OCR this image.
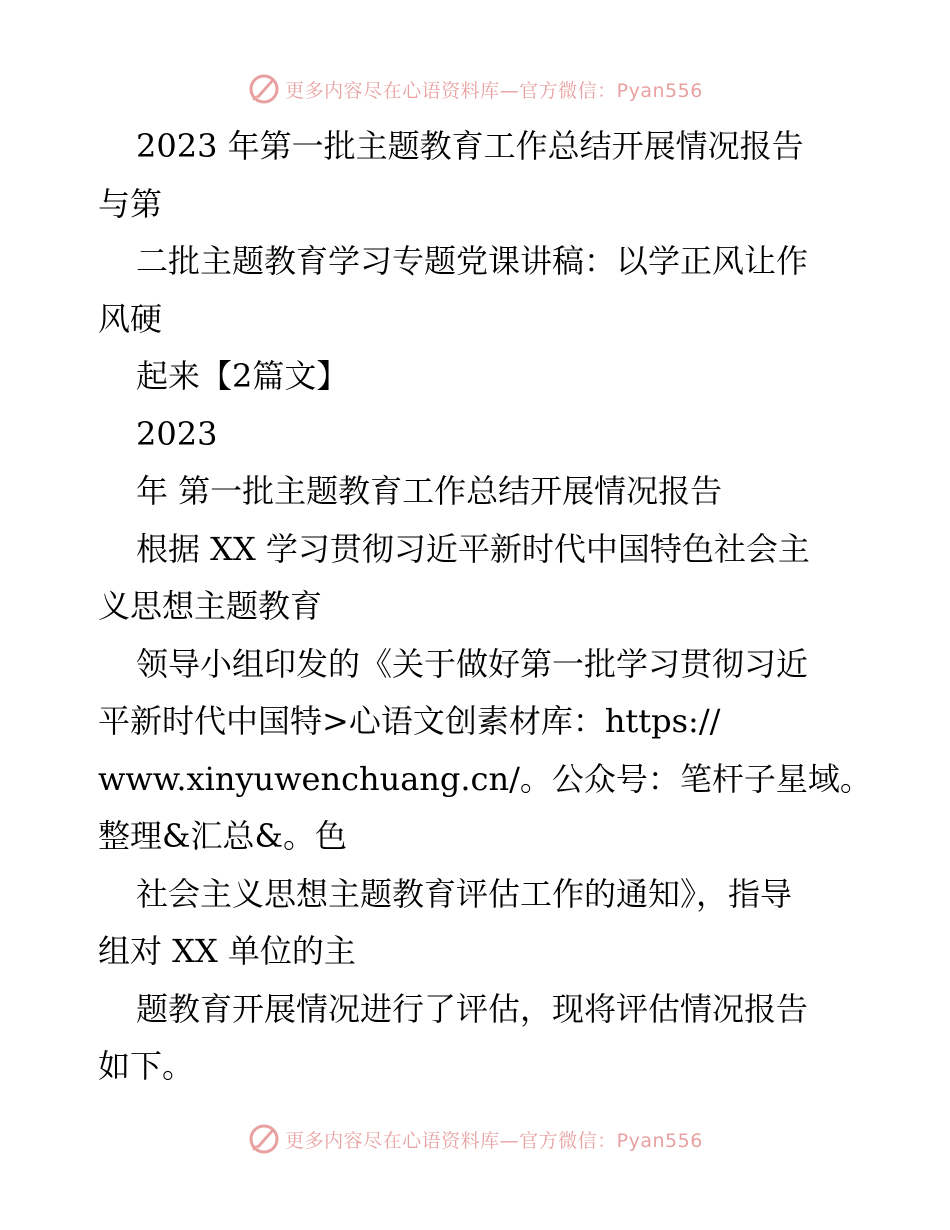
更多内容尽在心语资料库—官方微信：Pyan556
2023 年第一批主题教育工作总结开展情况报告
与第
二批主题教育学习专题党课讲稿：以学正风让作
风硬
起来【2篇文】
2023
年 第一批主题教育工作总结开展情况报告
根据 XX 学习贯彻习近平新时代中国特色社会主
义思想主题教育
领导小组印发的《关于做好第一批学习贯彻习近
平新时代中国特>心语文创素材库：https://
www.xinyuwenchuang.cn/。公众号：笔杆子星域。
整理&汇总&。色
社会主义思想主题教育评估工作的通知》，指导
组对 XX 单位的主
题教育开展情况进行了评估，现将评估情况报告
如下。
更多内容尽在心语资料库—官方微信：Pyan556
